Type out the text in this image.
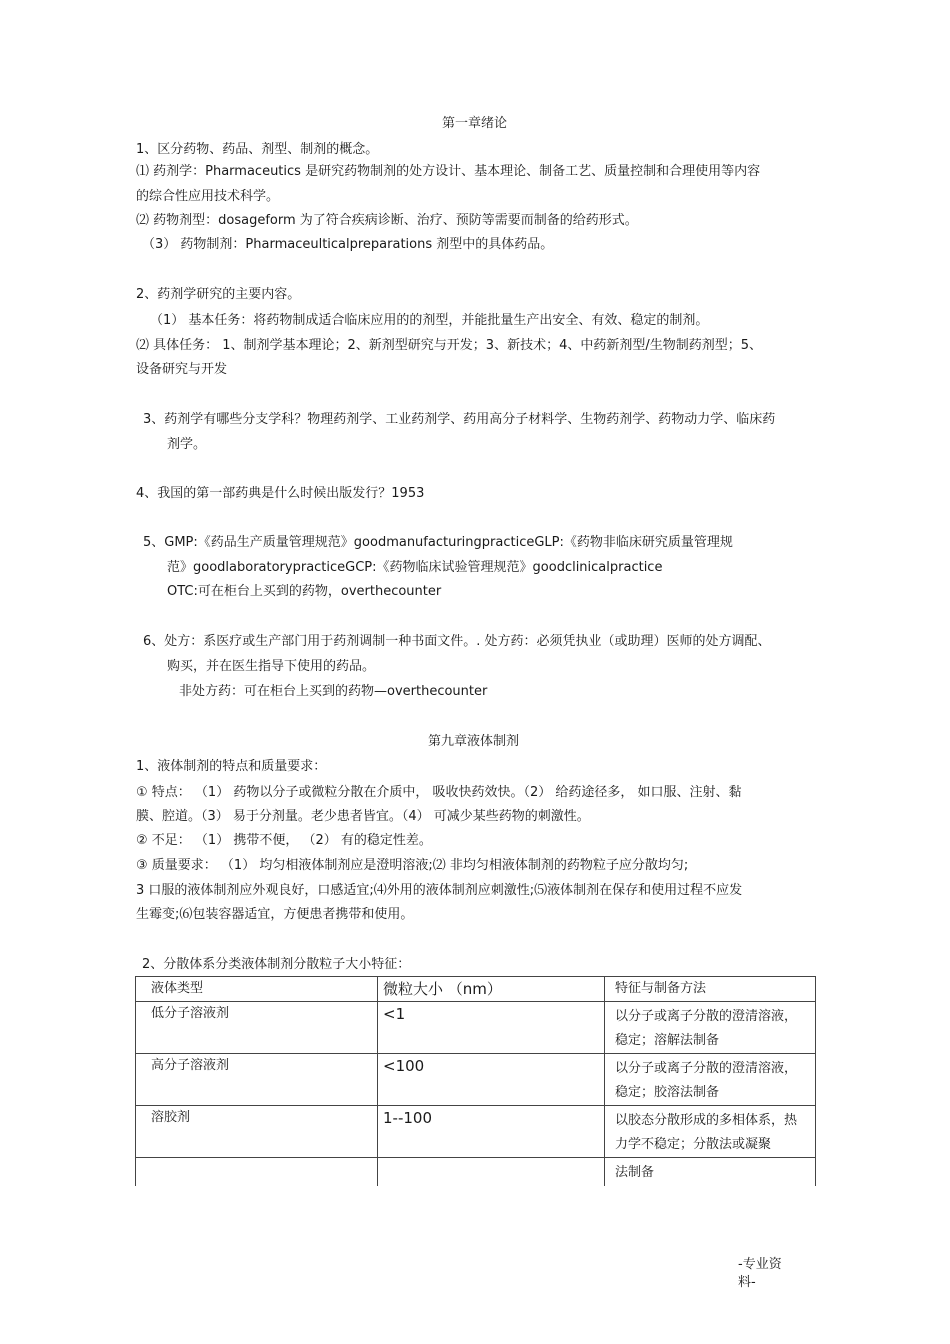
第一章绪论
1、区分药物、药品、剂型、制剂的概念。
⑴ 药剂学：Pharmaceutics 是研究药物制剂的处方设计、基本理论、制备工艺、质量控制和合理使用等内容
的综合性应用技术科学。
⑵ 药物剂型：dosageform 为了符合疾病诊断、治疗、预防等需要而制备的给药形式。
（3） 药物制剂：Pharmaceulticalpreparations 剂型中的具体药品。
2、药剂学研究的主要内容。
（1） 基本任务：将药物制成适合临床应用的的剂型，并能批量生产出安全、有效、稳定的制剂。
⑵ 具体任务： 1、制剂学基本理论；2、新剂型研究与开发；3、新技术；4、中药新剂型/生物制药剂型；5、
设备研究与开发
3、药剂学有哪些分支学科？物理药剂学、工业药剂学、药用高分子材料学、生物药剂学、药物动力学、临床药
剂学。
4、我国的第一部药典是什么时候出版发行？1953
5、GMP:《药品生产质量管理规范》goodmanufacturingpracticeGLP:《药物非临床研究质量管理规
范》goodlaboratorypracticeGCP:《药物临床试验管理规范》goodclinicalpractice
OTC:可在柜台上买到的药物，overthecounter
6、处方：系医疗或生产部门用于药剂调制一种书面文件。. 处方药：必须凭执业（或助理）医师的处方调配、
购买，并在医生指导下使用的药品。
非处方药：可在柜台上买到的药物—overthecounter
第九章液体制剂
1、液体制剂的特点和质量要求：
① 特点： （1） 药物以分子或微粒分散在介质中， 吸收快药效快。（2） 给药途径多， 如口服、注射、黏
膜、腔道。（3） 易于分剂量。老少患者皆宜。（4） 可减少某些药物的刺激性。
② 不足： （1） 携带不便， （2） 有的稳定性差。
③ 质量要求： （1） 均匀相液体制剂应是澄明溶液;⑵ 非均匀相液体制剂的药物粒子应分散均匀;
3 口服的液体制剂应外观良好，口感适宜;⑷外用的液体制剂应刺激性;⑸液体制剂在保存和使用过程不应发
生霉变;⑹包装容器适宜，方便患者携带和使用。
2、分散体系分类液体制剂分散粒子大小特征：
液体类型	微粒大小 （nm）	特征与制备方法
低分子溶液剂	<1	以分子或离子分散的澄清溶液，
稳定；溶解法制备

高分子溶液剂	<100	以分子或离子分散的澄清溶液，
稳定；胶溶法制备

溶胶剂	1--100	以胶态分散形成的多相体系，热
力学不稳定；分散法或凝聚

		法制备
-专业资
料-
